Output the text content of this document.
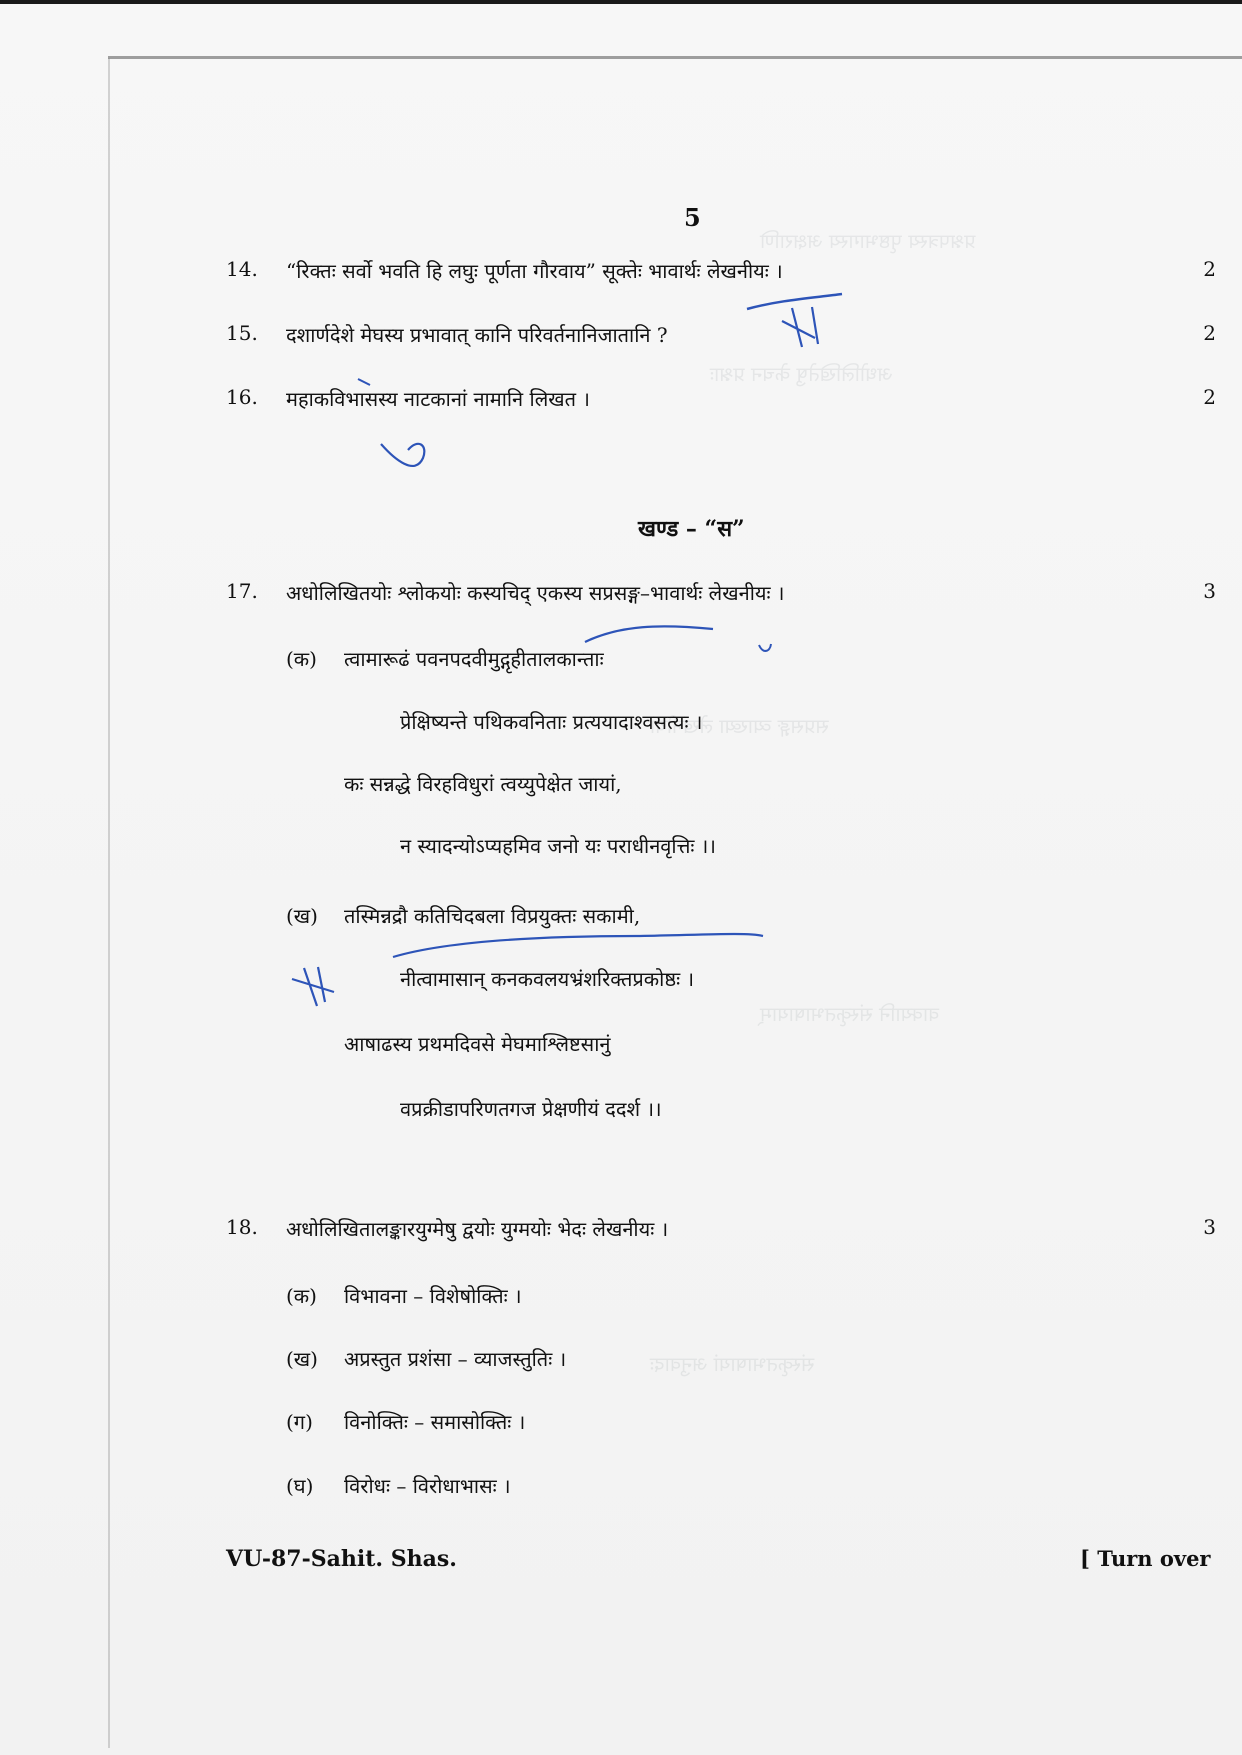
प्रश्नपत्रस्य पृष्ठभागस्य अक्षराणि
अधोलिखितेषु केचन प्रश्नाः
सप्रसङ्ग व्याख्या लेखनीया
वाक्यानि संस्कृतभाषायाम्
संस्कृतभाषायां अनुवादः
5
14. “रिक्तः सर्वो भवति हि लघुः पूर्णता गौरवाय” सूक्तेः भावार्थः लेखनीयः ।	2
15. दशार्णदेशे मेघस्य प्रभावात् कानि परिवर्तनानिजातानि ?	2
16. महाकविभासस्य नाटकानां नामानि लिखत ।	2
खण्ड – “स”
17. अधोलिखितयोः श्लोकयोः कस्यचिद् एकस्य सप्रसङ्ग–भावार्थः लेखनीयः ।	3
(क) त्वामारूढं पवनपदवीमुद्गृहीतालकान्ताः
प्रेक्षिष्यन्ते पथिकवनिताः प्रत्ययादाश्वसत्यः ।
कः सन्नद्धे विरहविधुरां त्वय्युपेक्षेत जायां,
न स्यादन्योऽप्यहमिव जनो यः पराधीनवृत्तिः ।।
(ख) तस्मिन्नद्रौ कतिचिदबला विप्रयुक्तः सकामी,
नीत्वामासान् कनकवलयभ्रंशरिक्तप्रकोष्ठः ।
आषाढस्य प्रथमदिवसे मेघमाश्लिष्टसानुं
वप्रक्रीडापरिणतगज प्रेक्षणीयं ददर्श ।।
18. अधोलिखितालङ्कारयुग्मेषु द्वयोः युग्मयोः भेदः लेखनीयः ।	3
(क) विभावना – विशेषोक्तिः ।
(ख) अप्रस्तुत प्रशंसा – व्याजस्तुतिः ।
(ग) विनोक्तिः – समासोक्तिः ।
(घ) विरोधः – विरोधाभासः ।
VU-87-Sahit. Shas.	[ Turn over
